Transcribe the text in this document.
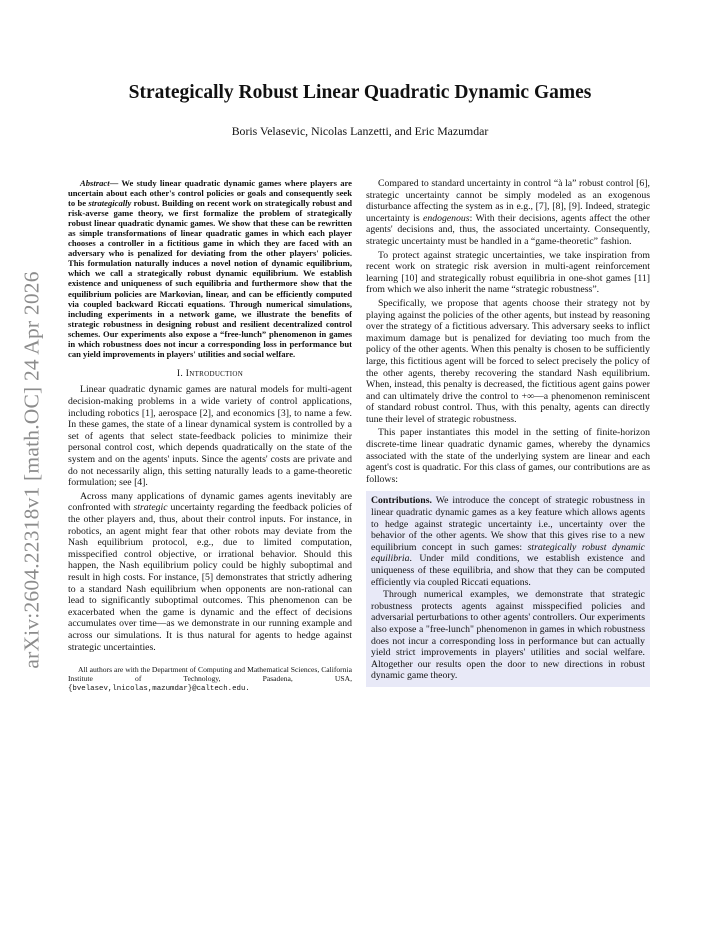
arXiv:2604.22318v1 [math.OC] 24 Apr 2026
Strategically Robust Linear Quadratic Dynamic Games
Boris Velasevic, Nicolas Lanzetti, and Eric Mazumdar

Abstract— We study linear quadratic dynamic games where players are uncertain about each other's control policies or goals and consequently seek to be strategically robust. Building on recent work on strategically robust and risk-averse game theory, we first formalize the problem of strategically robust linear quadratic dynamic games. We show that these can be rewritten as simple transformations of linear quadratic games in which each player chooses a controller in a fictitious game in which they are faced with an adversary who is penalized for deviating from the other players' policies. This formulation naturally induces a novel notion of dynamic equilibrium, which we call a strategically robust dynamic equilibrium. We establish existence and uniqueness of such equilibria and furthermore show that the equilibrium policies are Markovian, linear, and can be efficiently computed via coupled backward Riccati equations. Through numerical simulations, including experiments in a network game, we illustrate the benefits of strategic robustness in designing robust and resilient decentralized control schemes. Our experiments also expose a “free-lunch” phenomenon in games in which robustness does not incur a corresponding loss in performance but can yield improvements in players' utilities and social welfare.

I. Introduction

Linear quadratic dynamic games are natural models for multi-agent decision-making problems in a wide variety of control applications, including robotics [1], aerospace [2], and economics [3], to name a few. In these games, the state of a linear dynamical system is controlled by a set of agents that select state-feedback policies to minimize their personal control cost, which depends quadratically on the state of the system and on the agents' inputs. Since the agents' costs are private and do not necessarily align, this setting naturally leads to a game-theoretic formulation; see [4].

Across many applications of dynamic games agents inevitably are confronted with strategic uncertainty regarding the feedback policies of the other players and, thus, about their control inputs. For instance, in robotics, an agent might fear that other robots may deviate from the Nash equilibrium protocol, e.g., due to limited computation, misspecified control objective, or irrational behavior. Should this happen, the Nash equilibrium policy could be highly suboptimal and result in high costs. For instance, [5] demonstrates that strictly adhering to a standard Nash equilibrium when opponents are non-rational can lead to significantly suboptimal outcomes. This phenomenon can be exacerbated when the game is dynamic and the effect of decisions accumulates over time—as we demonstrate in our running example and across our simulations. It is thus natural for agents to hedge against strategic uncertainties.

All authors are with the Department of Computing and Mathematical Sciences, California Institute of Technology, Pasadena, USA, {bvelasev,lnicolas,mazumdar}@caltech.edu.

Compared to standard uncertainty in control “à la” robust control [6], strategic uncertainty cannot be simply modeled as an exogenous disturbance affecting the system as in e.g., [7], [8], [9]. Indeed, strategic uncertainty is endogenous: With their decisions, agents affect the other agents' decisions and, thus, the associated uncertainty. Consequently, strategic uncertainty must be handled in a “game-theoretic” fashion.

To protect against strategic uncertainties, we take inspiration from recent work on strategic risk aversion in multi-agent reinforcement learning [10] and strategically robust equilibria in one-shot games [11] from which we also inherit the name “strategic robustness”.

Specifically, we propose that agents choose their strategy not by playing against the policies of the other agents, but instead by reasoning over the strategy of a fictitious adversary. This adversary seeks to inflict maximum damage but is penalized for deviating too much from the policy of the other agents. When this penalty is chosen to be sufficiently large, this fictitious agent will be forced to select precisely the policy of the other agents, thereby recovering the standard Nash equilibrium. When, instead, this penalty is decreased, the fictitious agent gains power and can ultimately drive the control to +∞—a phenomenon reminiscent of standard robust control. Thus, with this penalty, agents can directly tune their level of strategic robustness.

This paper instantiates this model in the setting of finite-horizon discrete-time linear quadratic dynamic games, whereby the dynamics associated with the state of the underlying system are linear and each agent's cost is quadratic. For this class of games, our contributions are as follows:

Contributions. We introduce the concept of strategic robustness in linear quadratic dynamic games as a key feature which allows agents to hedge against strategic uncertainty i.e., uncertainty over the behavior of the other agents. We show that this gives rise to a new equilibrium concept in such games: strategically robust dynamic equilibria. Under mild conditions, we establish existence and uniqueness of these equilibria, and show that they can be computed efficiently via coupled Riccati equations.

Through numerical examples, we demonstrate that strategic robustness protects agents against misspecified policies and adversarial perturbations to other agents' controllers. Our experiments also expose a "free-lunch" phenomenon in games in which robustness does not incur a corresponding loss in performance but can actually yield strict improvements in players' utilities and social welfare. Altogether our results open the door to new directions in robust dynamic game theory.
